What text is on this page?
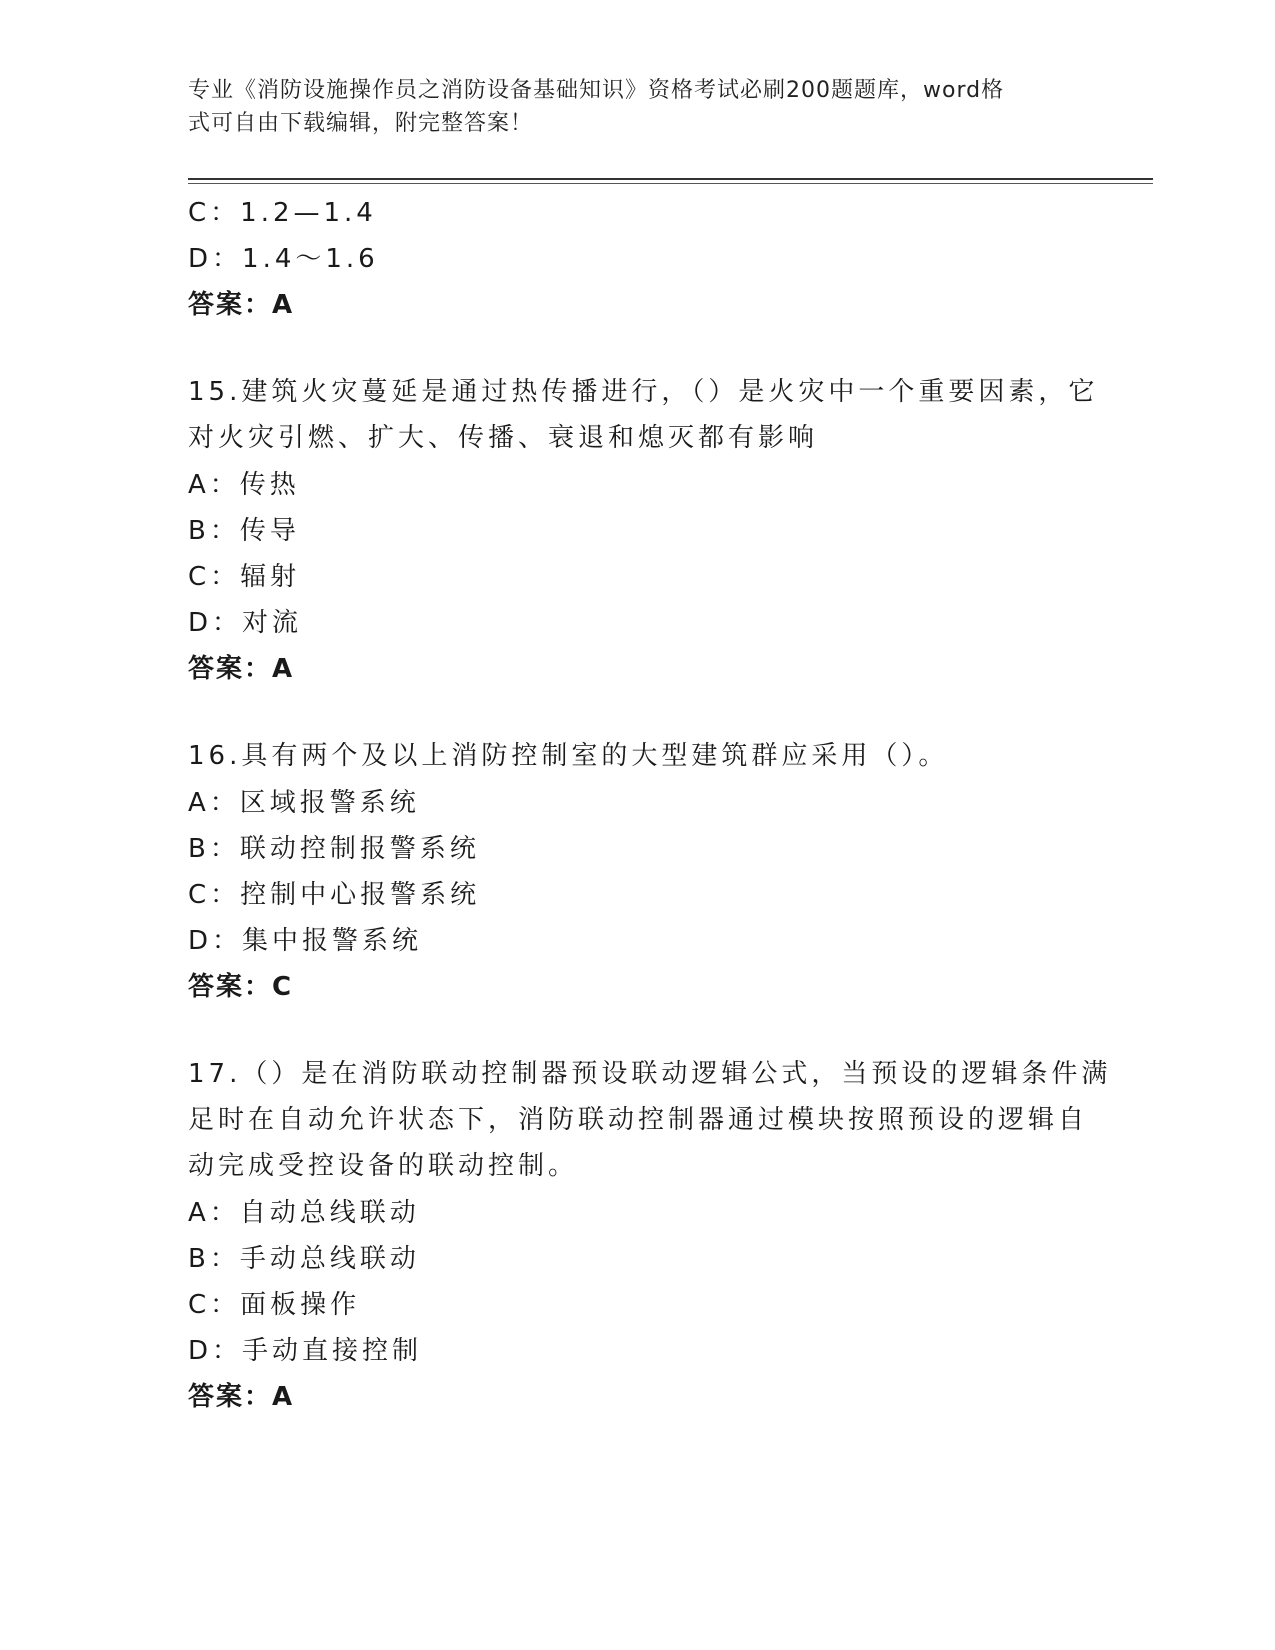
专业《消防设施操作员之消防设备基础知识》资格考试必刷200题题库，word格
式可自由下载编辑，附完整答案！
C：1.2—1.4
D：1.4～1.6
答案：A
15.建筑火灾蔓延是通过热传播进行，（）是火灾中一个重要因素，它
对火灾引燃、扩大、传播、衰退和熄灭都有影响
A：传热
B：传导
C：辐射
D：对流
答案：A
16.具有两个及以上消防控制室的大型建筑群应采用（）。
A：区域报警系统
B：联动控制报警系统
C：控制中心报警系统
D：集中报警系统
答案：C
17.（）是在消防联动控制器预设联动逻辑公式，当预设的逻辑条件满
足时在自动允许状态下，消防联动控制器通过模块按照预设的逻辑自
动完成受控设备的联动控制。
A：自动总线联动
B：手动总线联动
C：面板操作
D：手动直接控制
答案：A
